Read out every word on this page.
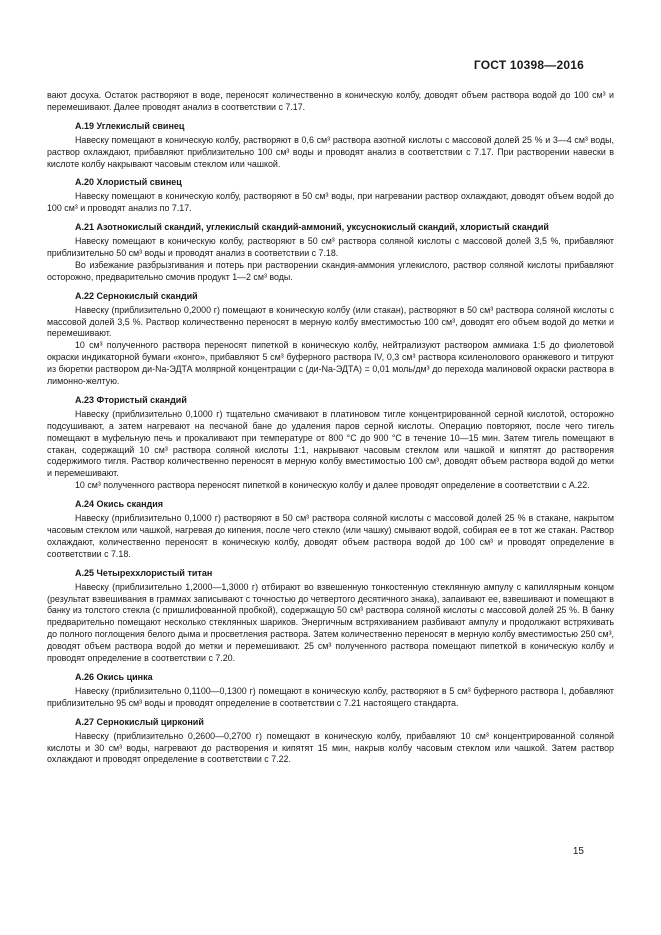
ГОСТ 10398—2016

вают досуха. Остаток растворяют в воде, переносят количественно в коническую колбу, доводят объем раствора водой до 100 см³ и перемешивают. Далее проводят анализ в соответствии с 7.17.

А.19 Углекислый свинец

Навеску помещают в коническую колбу, растворяют в 0,6 см³ раствора азотной кислоты с массовой долей 25 % и 3—4 см³ воды, раствор охлаждают, прибавляют приблизительно 100 см³ воды и проводят анализ в соответствии с 7.17. При растворении навески в кислоте колбу накрывают часовым стеклом или чашкой.

А.20 Хлористый свинец

Навеску помещают в коническую колбу, растворяют в 50 см³ воды, при нагревании раствор охлаждают, доводят объем водой до 100 см³ и проводят анализ по 7.17.

А.21 Азотнокислый скандий, углекислый скандий-аммоний, уксуснокислый скандий, хлористый скандий

Навеску помещают в коническую колбу, растворяют в 50 см³ раствора соляной кислоты с массовой долей 3,5 %, прибавляют приблизительно 50 см³ воды и проводят анализ в соответствии с 7.18.

Во избежание разбрызгивания и потерь при растворении скандия-аммония углекислого, раствор соляной кислоты прибавляют осторожно, предварительно смочив продукт 1—2 см³ воды.

А.22 Сернокислый скандий

Навеску (приблизительно 0,2000 г) помещают в коническую колбу (или стакан), растворяют в 50 см³ раствора соляной кислоты с массовой долей 3,5 %. Раствор количественно переносят в мерную колбу вместимостью 100 см³, доводят его объем водой до метки и перемешивают.

10 см³ полученного раствора переносят пипеткой в коническую колбу, нейтрализуют раствором аммиака 1:5 до фиолетовой окраски индикаторной бумаги «конго», прибавляют 5 см³ буферного раствора IV, 0,3 см³ раствора ксиленолового оранжевого и титруют из бюретки раствором ди-Na-ЭДТА молярной концентрации с (ди-Na-ЭДТА) = 0,01 моль/дм³ до перехода малиновой окраски раствора в лимонно-желтую.

А.23 Фтористый скандий

Навеску (приблизительно 0,1000 г) тщательно смачивают в платиновом тигле концентрированной серной кислотой, осторожно подсушивают, а затем нагревают на песчаной бане до удаления паров серной кислоты. Операцию повторяют, после чего тигель помещают в муфельную печь и прокаливают при температуре от 800 °С до 900 °С в течение 10—15 мин. Затем тигель помещают в стакан, содержащий 10 см³ раствора соляной кислоты 1:1, накрывают часовым стеклом или чашкой и кипятят до растворения содержимого тигля. Раствор количественно переносят в мерную колбу вместимостью 100 см³, доводят объем раствора водой до метки и перемешивают.

10 см³ полученного раствора переносят пипеткой в коническую колбу и далее проводят определение в соответствии с А.22.

А.24 Окись скандия

Навеску (приблизительно 0,1000 г) растворяют в 50 см³ раствора соляной кислоты с массовой долей 25 % в стакане, накрытом часовым стеклом или чашкой, нагревая до кипения, после чего стекло (или чашку) смывают водой, собирая ее в тот же стакан. Раствор охлаждают, количественно переносят в коническую колбу, доводят объем раствора водой до 100 см³ и проводят определение в соответствии с 7.18.

А.25 Четыреххлористый титан

Навеску (приблизительно 1,2000—1,3000 г) отбирают во взвешенную тонкостенную стеклянную ампулу с капиллярным концом (результат взвешивания в граммах записывают с точностью до четвертого десятичного знака), запаивают ее, взвешивают и помещают в банку из толстого стекла (с пришлифованной пробкой), содержащую 50 см³ раствора соляной кислоты с массовой долей 25 %. В банку предварительно помещают несколько стеклянных шариков. Энергичным встряхиванием разбивают ампулу и продолжают встряхивать до полного поглощения белого дыма и просветления раствора. Затем количественно переносят в мерную колбу вместимостью 250 см³, доводят объем раствора водой до метки и перемешивают. 25 см³ полученного раствора помещают пипеткой в коническую колбу и проводят определение в соответствии с 7.20.

А.26 Окись цинка

Навеску (приблизительно 0,1100—0,1300 г) помещают в коническую колбу, растворяют в 5 см³ буферного раствора I, добавляют приблизительно 95 см³ воды и проводят определение в соответствии с 7.21 настоящего стандарта.

А.27 Сернокислый цирконий

Навеску (приблизительно 0,2600—0,2700 г) помещают в коническую колбу, прибавляют 10 см³ концентрированной соляной кислоты и 30 см³ воды, нагревают до растворения и кипятят 15 мин, накрыв колбу часовым стеклом или чашкой. Затем раствор охлаждают и проводят определение в соответствии с 7.22.

15
